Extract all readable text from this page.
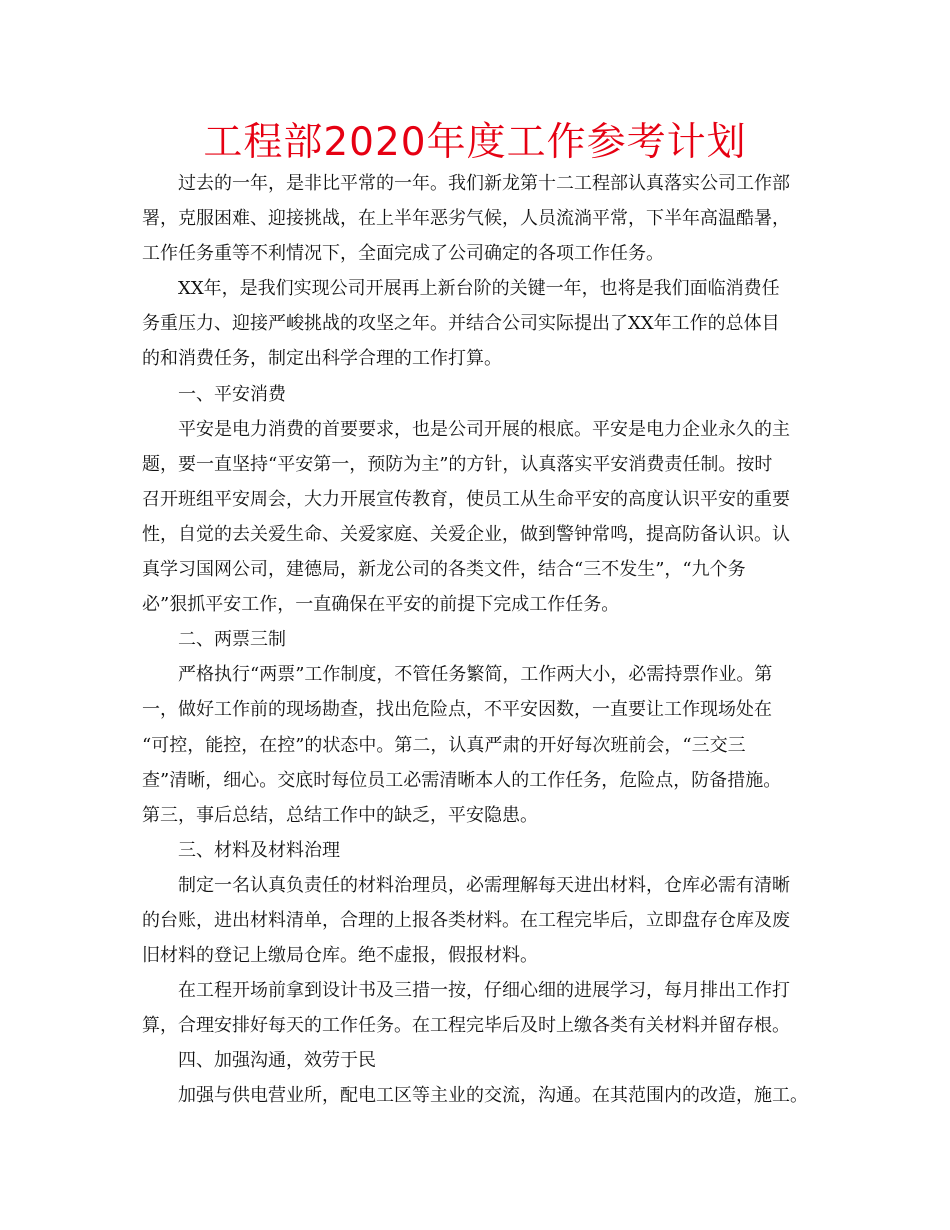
工程部2020年度工作参考计划
过去的一年，是非比平常的一年。我们新龙第十二工程部认真落实公司工作部
署，克服困难、迎接挑战，在上半年恶劣气候，人员流淌平常，下半年高温酷暑，
工作任务重等不利情况下，全面完成了公司确定的各项工作任务。
XX年，是我们实现公司开展再上新台阶的关键一年，也将是我们面临消费任
务重压力、迎接严峻挑战的攻坚之年。并结合公司实际提出了XX年工作的总体目
的和消费任务，制定出科学合理的工作打算。
一、平安消费
平安是电力消费的首要要求，也是公司开展的根底。平安是电力企业永久的主
题，要一直坚持“平安第一，预防为主”的方针，认真落实平安消费责任制。按时
召开班组平安周会，大力开展宣传教育，使员工从生命平安的高度认识平安的重要
性，自觉的去关爱生命、关爱家庭、关爱企业，做到警钟常鸣，提高防备认识。认
真学习国网公司，建德局，新龙公司的各类文件，结合“三不发生”，“九个务
必”狠抓平安工作，一直确保在平安的前提下完成工作任务。
二、两票三制
严格执行“两票”工作制度，不管任务繁简，工作两大小，必需持票作业。第
一，做好工作前的现场勘查，找出危险点，不平安因数，一直要让工作现场处在
“可控，能控，在控”的状态中。第二，认真严肃的开好每次班前会，“三交三
查”清晰，细心。交底时每位员工必需清晰本人的工作任务，危险点，防备措施。
第三，事后总结，总结工作中的缺乏，平安隐患。
三、材料及材料治理
制定一名认真负责任的材料治理员，必需理解每天进出材料，仓库必需有清晰
的台账，进出材料清单，合理的上报各类材料。在工程完毕后，立即盘存仓库及废
旧材料的登记上缴局仓库。绝不虚报，假报材料。
在工程开场前拿到设计书及三措一按，仔细心细的进展学习，每月排出工作打
算，合理安排好每天的工作任务。在工程完毕后及时上缴各类有关材料并留存根。
四、加强沟通，效劳于民
加强与供电营业所，配电工区等主业的交流，沟通。在其范围内的改造，施工。
